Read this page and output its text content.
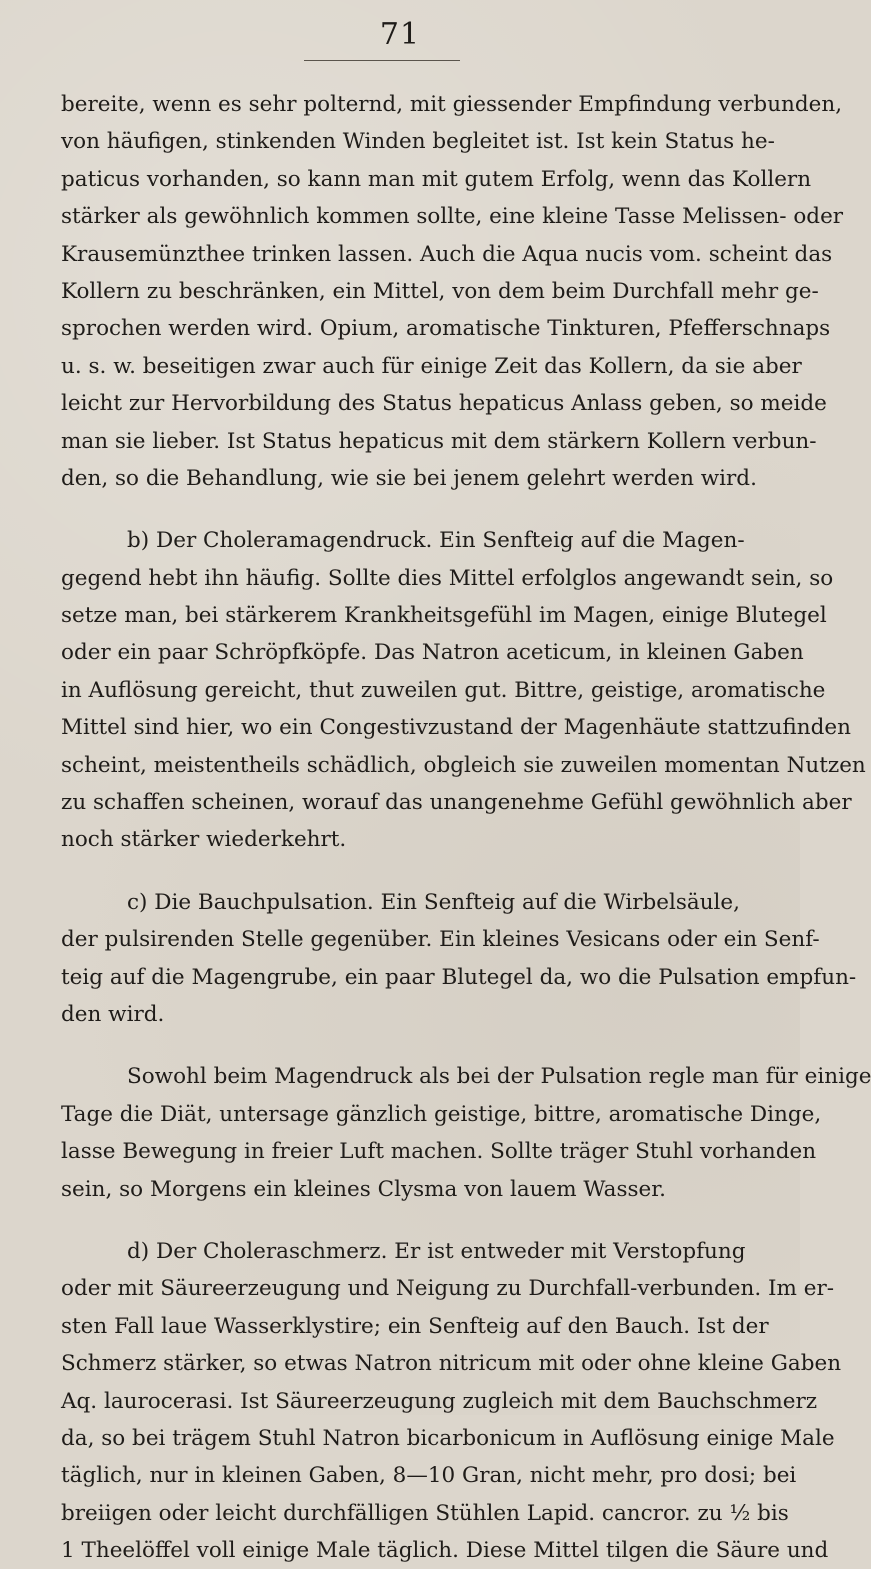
71
bereite, wenn es sehr polternd, mit giessender Empfindung verbunden,
von häufigen, stinkenden Winden begleitet ist. Ist kein Status he-
paticus vorhanden, so kann man mit gutem Erfolg, wenn das Kollern
stärker als gewöhnlich kommen sollte, eine kleine Tasse Melissen- oder
Krausemünzthee trinken lassen. Auch die Aqua nucis vom. scheint das
Kollern zu beschränken, ein Mittel, von dem beim Durchfall mehr ge-
sprochen werden wird. Opium, aromatische Tinkturen, Pfefferschnaps
u. s. w. beseitigen zwar auch für einige Zeit das Kollern, da sie aber
leicht zur Hervorbildung des Status hepaticus Anlass geben, so meide
man sie lieber. Ist Status hepaticus mit dem stärkern Kollern verbun-
den, so die Behandlung, wie sie bei jenem gelehrt werden wird.
b) Der Choleramagendruck. Ein Senfteig auf die Magen-
gegend hebt ihn häufig. Sollte dies Mittel erfolglos angewandt sein, so
setze man, bei stärkerem Krankheitsgefühl im Magen, einige Blutegel
oder ein paar Schröpfköpfe. Das Natron aceticum, in kleinen Gaben
in Auflösung gereicht, thut zuweilen gut. Bittre, geistige, aromatische
Mittel sind hier, wo ein Congestivzustand der Magenhäute stattzufinden
scheint, meistentheils schädlich, obgleich sie zuweilen momentan Nutzen
zu schaffen scheinen, worauf das unangenehme Gefühl gewöhnlich aber
noch stärker wiederkehrt.
c) Die Bauchpulsation. Ein Senfteig auf die Wirbelsäule,
der pulsirenden Stelle gegenüber. Ein kleines Vesicans oder ein Senf-
teig auf die Magengrube, ein paar Blutegel da, wo die Pulsation empfun-
den wird.
Sowohl beim Magendruck als bei der Pulsation regle man für einige
Tage die Diät, untersage gänzlich geistige, bittre, aromatische Dinge,
lasse Bewegung in freier Luft machen. Sollte träger Stuhl vorhanden
sein, so Morgens ein kleines Clysma von lauem Wasser.
d) Der Choleraschmerz. Er ist entweder mit Verstopfung
oder mit Säureerzeugung und Neigung zu Durchfall-verbunden. Im er-
sten Fall laue Wasserklystire; ein Senfteig auf den Bauch. Ist der
Schmerz stärker, so etwas Natron nitricum mit oder ohne kleine Gaben
Aq. laurocerasi. Ist Säureerzeugung zugleich mit dem Bauchschmerz
da, so bei trägem Stuhl Natron bicarbonicum in Auflösung einige Male
täglich, nur in kleinen Gaben, 8—10 Gran, nicht mehr, pro dosi; bei
breiigen oder leicht durchfälligen Stühlen Lapid. cancror. zu ½ bis
1 Theelöffel voll einige Male täglich. Diese Mittel tilgen die Säure und
